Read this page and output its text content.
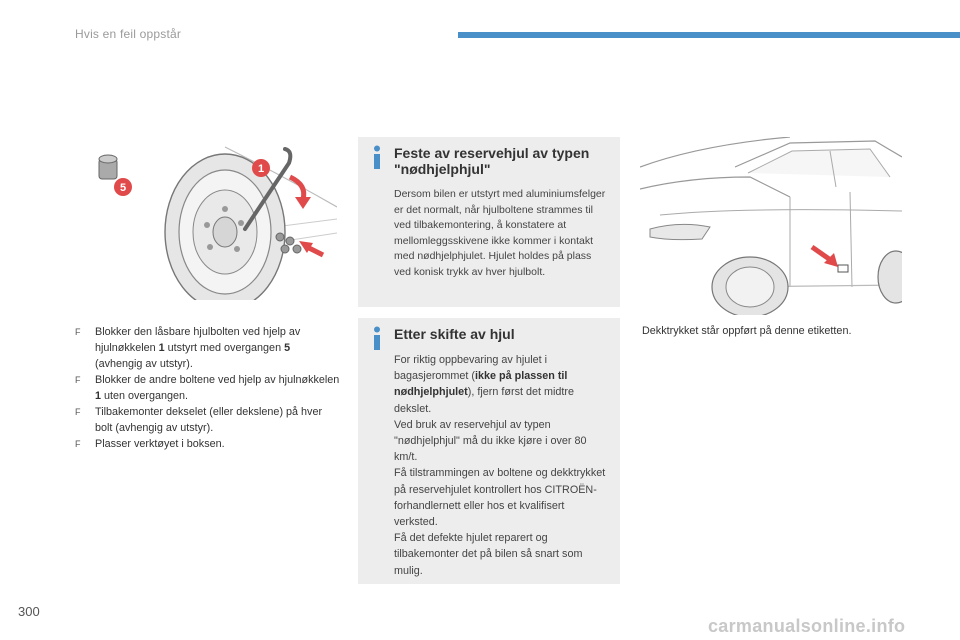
Hvis en feil oppstår
1
5
F	Blokker den låsbare hjulbolten ved hjelp av hjulnøkkelen 1 utstyrt med overgangen 5 (avhengig av utstyr).
F	Blokker de andre boltene ved hjelp av hjulnøkkelen 1 uten overgangen.
F	Tilbakemonter dekselet (eller dekslene) på hver bolt (avhengig av utstyr).
F	Plasser verktøyet i boksen.
Feste av reservehjul av typen "nødhjelphjul"
Dersom bilen er utstyrt med aluminiumsfelger er det normalt, når hjulboltene strammes til ved tilbakemontering, å konstatere at mellomleggsskivene ikke kommer i kontakt med nødhjelphjulet. Hjulet holdes på plass ved konisk trykk av hver hjulbolt.
Etter skifte av hjul
For riktig oppbevaring av hjulet i bagasjerommet (ikke på plassen til nødhjelphjulet), fjern først det midtre dekslet.
Ved bruk av reservehjul av typen "nødhjelphjul" må du ikke kjøre i over 80 km/t.
Få tilstrammingen av boltene og dekktrykket på reservehjulet kontrollert hos CITROËN-forhandlernett eller hos et kvalifisert verksted.
Få det defekte hjulet reparert og tilbakemonter det på bilen så snart som mulig.
Dekktrykket står oppført på denne etiketten.
300
carmanualsonline.info
